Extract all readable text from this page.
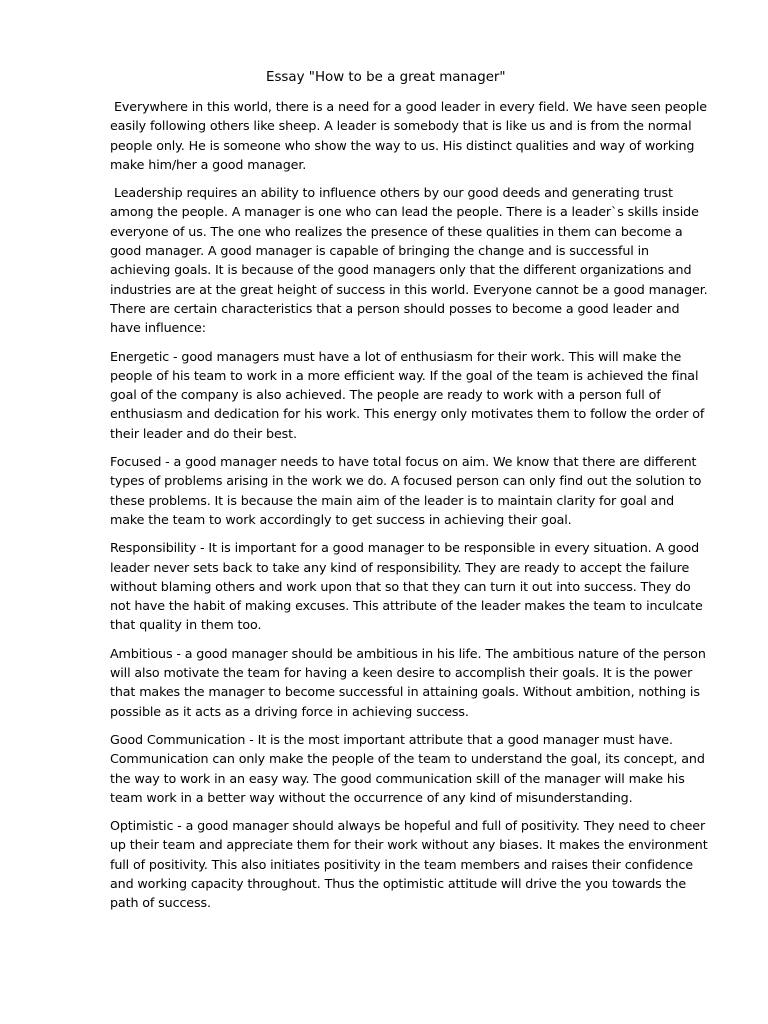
Essay "How to be a great manager"

Everywhere in this world, there is a need for a good leader in every field. We have seen people easily following others like sheep. A leader is somebody that is like us and is from the normal people only. He is someone who show the way to us. His distinct qualities and way of working make him/her a good manager.

Leadership requires an ability to influence others by our good deeds and generating trust among the people. A manager is one who can lead the people. There is a leader`s skills inside everyone of us. The one who realizes the presence of these qualities in them can become a good manager. A good manager is capable of bringing the change and is successful in achieving goals. It is because of the good managers only that the different organizations and industries are at the great height of success in this world. Everyone cannot be a good manager. There are certain characteristics that a person should posses to become a good leader and have influence:

Energetic - good managers must have a lot of enthusiasm for their work. This will make the people of his team to work in a more efficient way. If the goal of the team is achieved the final goal of the company is also achieved. The people are ready to work with a person full of enthusiasm and dedication for his work. This energy only motivates them to follow the order of their leader and do their best.

Focused - a good manager needs to have total focus on aim. We know that there are different types of problems arising in the work we do. A focused person can only find out the solution to these problems. It is because the main aim of the leader is to maintain clarity for goal and make the team to work accordingly to get success in achieving their goal.

Responsibility - It is important for a good manager to be responsible in every situation. A good leader never sets back to take any kind of responsibility. They are ready to accept the failure without blaming others and work upon that so that they can turn it out into success. They do not have the habit of making excuses. This attribute of the leader makes the team to inculcate that quality in them too.

Ambitious - a good manager should be ambitious in his life. The ambitious nature of the person will also motivate the team for having a keen desire to accomplish their goals. It is the power that makes the manager to become successful in attaining goals. Without ambition, nothing is possible as it acts as a driving force in achieving success.

Good Communication - It is the most important attribute that a good manager must have. Communication can only make the people of the team to understand the goal, its concept, and the way to work in an easy way. The good communication skill of the manager will make his team work in a better way without the occurrence of any kind of misunderstanding.

Optimistic - a good manager should always be hopeful and full of positivity. They need to cheer up their team and appreciate them for their work without any biases. It makes the environment full of positivity. This also initiates positivity in the team members and raises their confidence and working capacity throughout. Thus the optimistic attitude will drive the you towards the path of success.
